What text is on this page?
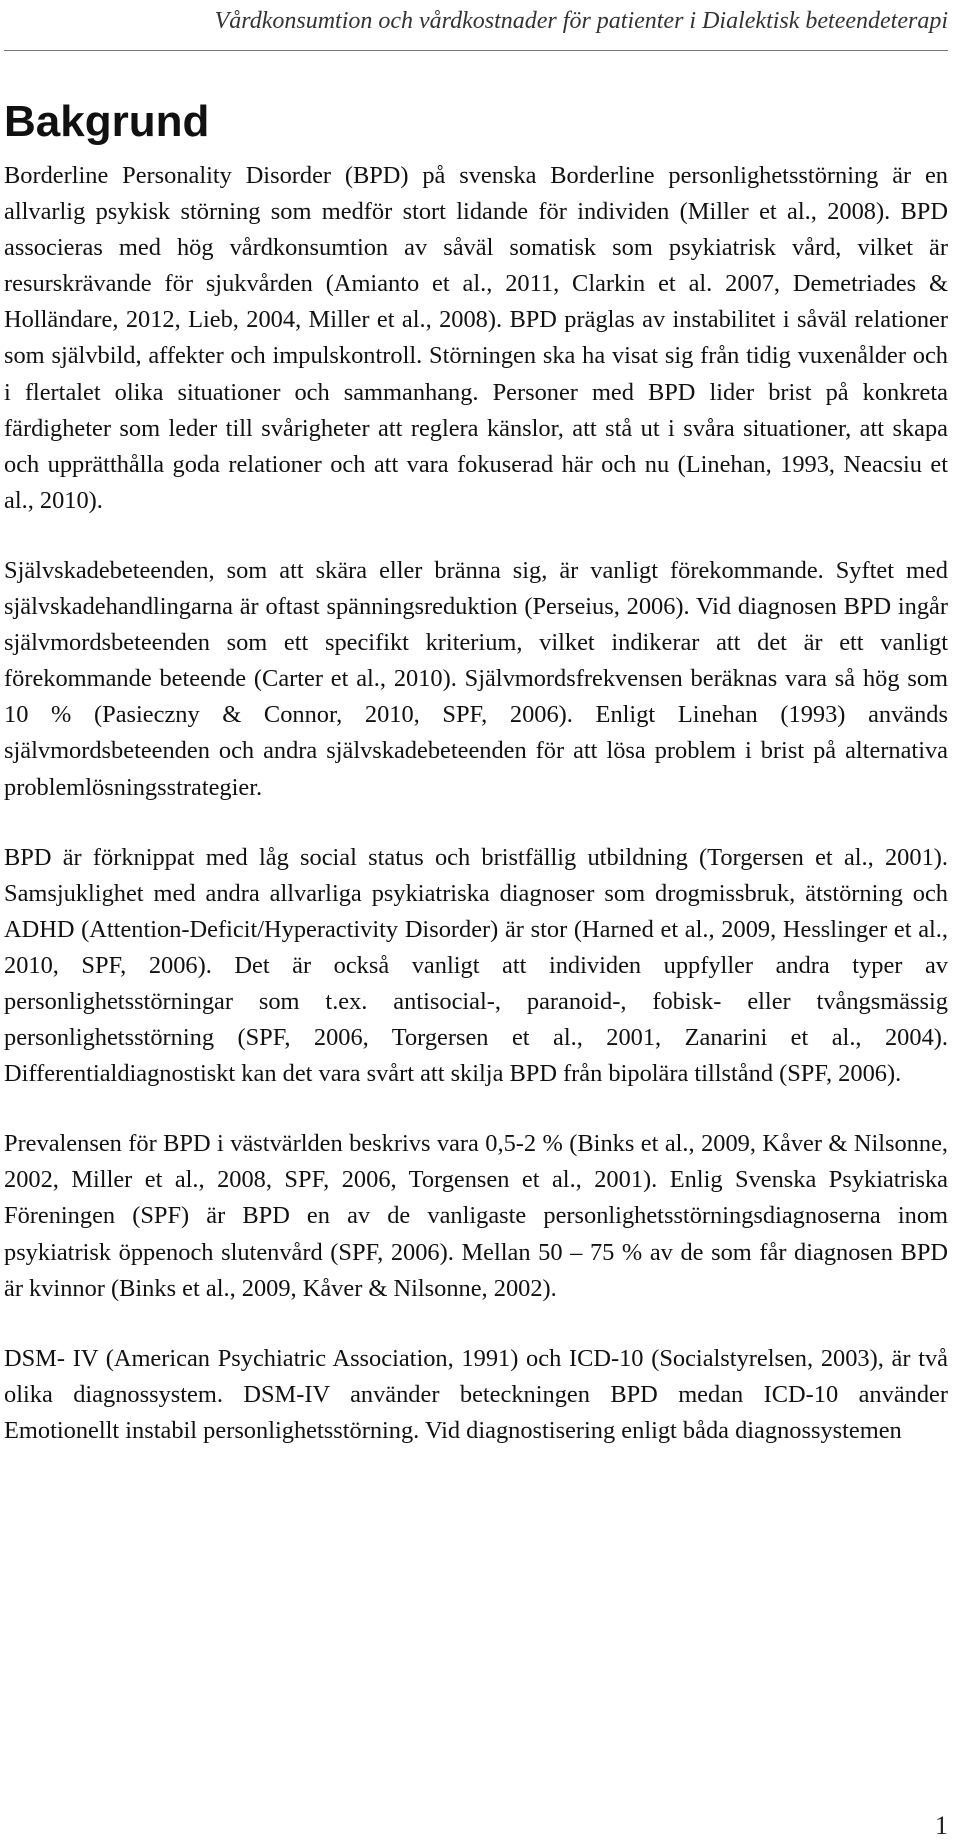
Vårdkonsumtion och vårdkostnader för patienter i Dialektisk beteendeterapi
Bakgrund

Borderline Personality Disorder (BPD) på svenska Borderline personlighetsstörning är en allvarlig psykisk störning som medför stort lidande för individen (Miller et al., 2008). BPD associeras med hög vårdkonsumtion av såväl somatisk som psykiatrisk vård, vilket är resurskrävande för sjukvården (Amianto et al., 2011, Clarkin et al. 2007, Demetriades & Holländare, 2012, Lieb, 2004, Miller et al., 2008). BPD präglas av instabilitet i såväl relationer som självbild, affekter och impulskontroll. Störningen ska ha visat sig från tidig vuxenålder och i flertalet olika situationer och sammanhang. Personer med BPD lider brist på konkreta färdigheter som leder till svårigheter att reglera känslor, att stå ut i svåra situationer, att skapa och upprätthålla goda relationer och att vara fokuserad här och nu (Linehan, 1993, Neacsiu et al., 2010).

Självskadebeteenden, som att skära eller bränna sig, är vanligt förekommande. Syftet med självskadehandlingarna är oftast spänningsreduktion (Perseius, 2006). Vid diagnosen BPD ingår självmordsbeteenden som ett specifikt kriterium, vilket indikerar att det är ett vanligt förekommande beteende (Carter et al., 2010). Självmordsfrekvensen beräknas vara så hög som 10 % (Pasieczny & Connor, 2010, SPF, 2006). Enligt Linehan (1993) används självmordsbeteenden och andra självskadebeteenden för att lösa problem i brist på alternativa problemlösningsstrategier.

BPD är förknippat med låg social status och bristfällig utbildning (Torgersen et al., 2001). Samsjuklighet med andra allvarliga psykiatriska diagnoser som drogmissbruk, ätstörning och ADHD (Attention-Deficit/Hyperactivity Disorder) är stor (Harned et al., 2009, Hesslinger et al., 2010, SPF, 2006). Det är också vanligt att individen uppfyller andra typer av personlighetsstörningar som t.ex. antisocial-, paranoid-, fobisk- eller tvångsmässig personlighetsstörning (SPF, 2006, Torgersen et al., 2001, Zanarini et al., 2004). Differentialdiagnostiskt kan det vara svårt att skilja BPD från bipolära tillstånd (SPF, 2006).

Prevalensen för BPD i västvärlden beskrivs vara 0,5-2 % (Binks et al., 2009, Kåver & Nilsonne, 2002, Miller et al., 2008, SPF, 2006, Torgensen et al., 2001). Enlig Svenska Psykiatriska Föreningen (SPF) är BPD en av de vanligaste personlighetsstörningsdiagnoserna inom psykiatrisk öppenoch slutenvård (SPF, 2006). Mellan 50 – 75 % av de som får diagnosen BPD är kvinnor (Binks et al., 2009, Kåver & Nilsonne, 2002).

DSM- IV (American Psychiatric Association, 1991) och ICD-10 (Socialstyrelsen, 2003), är två olika diagnossystem. DSM-IV använder beteckningen BPD medan ICD-10 använder Emotionellt instabil personlighetsstörning. Vid diagnostisering enligt båda diagnossystemen

1
